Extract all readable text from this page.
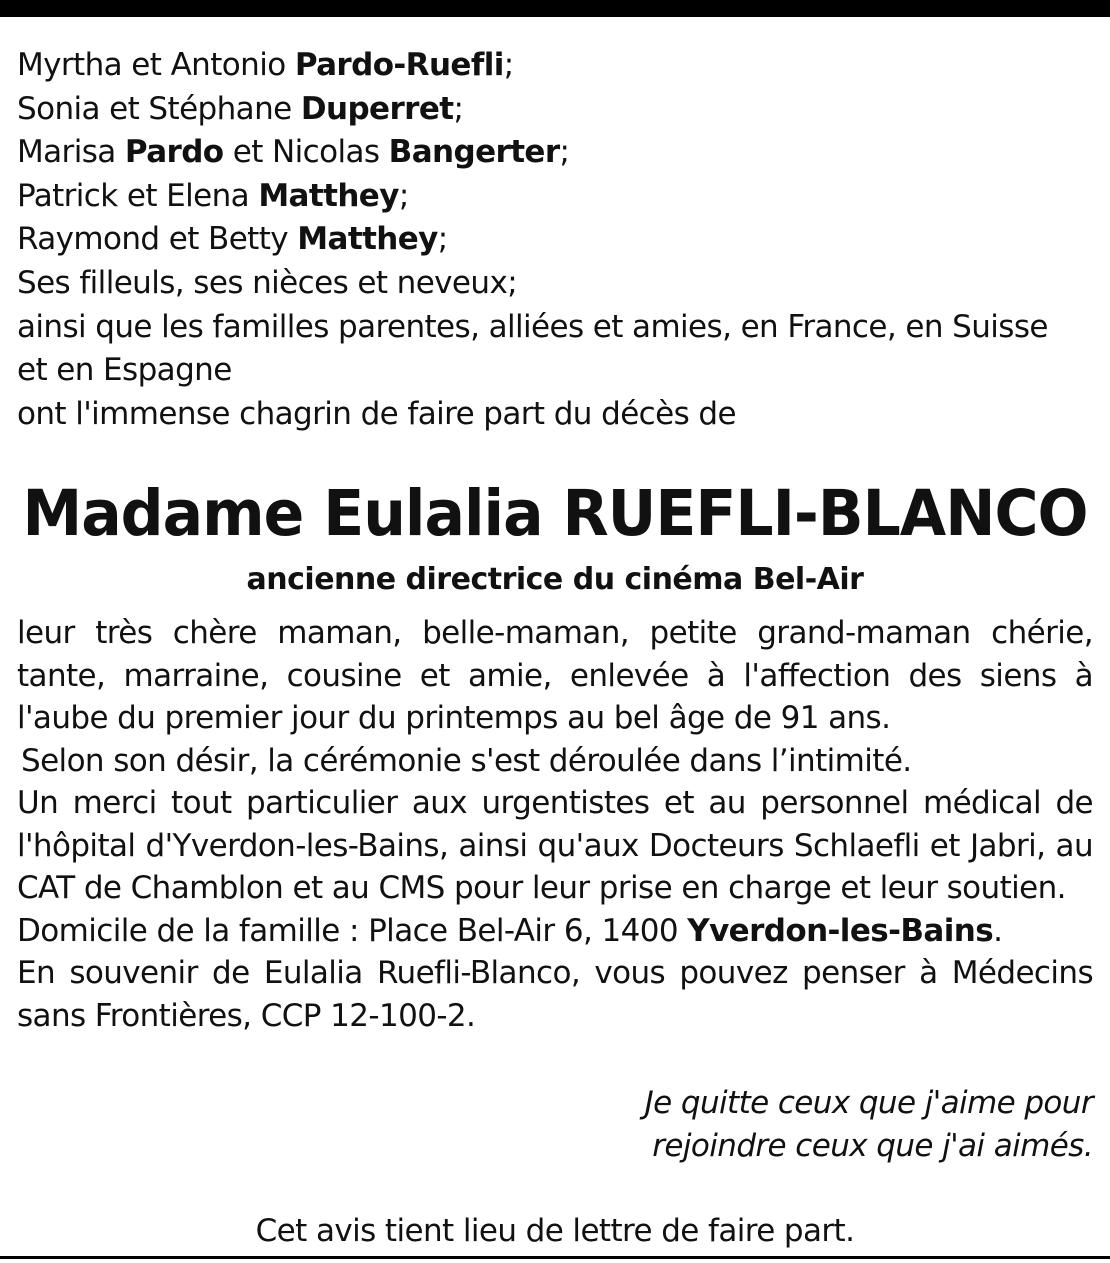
Myrtha et Antonio Pardo-Ruefli;
Sonia et Stéphane Duperret;
Marisa Pardo et Nicolas Bangerter;
Patrick et Elena Matthey;
Raymond et Betty Matthey;
Ses filleuls, ses nièces et neveux;
ainsi que les familles parentes, alliées et amies, en France, en Suisse
et en Espagne
ont l'immense chagrin de faire part du décès de
Madame Eulalia RUEFLI-BLANCO
ancienne directrice du cinéma Bel-Air

leur très chère maman, belle-maman, petite grand-maman chérie, tante, marraine, cousine et amie, enlevée à l'affection des siens à l'aube du premier jour du printemps au bel âge de 91 ans.

Selon son désir, la cérémonie s'est déroulée dans l’intimité.

Un merci tout particulier aux urgentistes et au personnel médical de l'hôpital d'Yverdon-les-Bains, ainsi qu'aux Docteurs Schlaefli et Jabri, au CAT de Chamblon et au CMS pour leur prise en charge et leur soutien.

Domicile de la famille : Place Bel-Air 6, 1400 Yverdon-les-Bains.

En souvenir de Eulalia Ruefli-Blanco, vous pouvez penser à Médecins sans Frontières, CCP 12-100-2.

Je quitte ceux que j'aime pour
rejoindre ceux que j'ai aimés.
Cet avis tient lieu de lettre de faire part.
